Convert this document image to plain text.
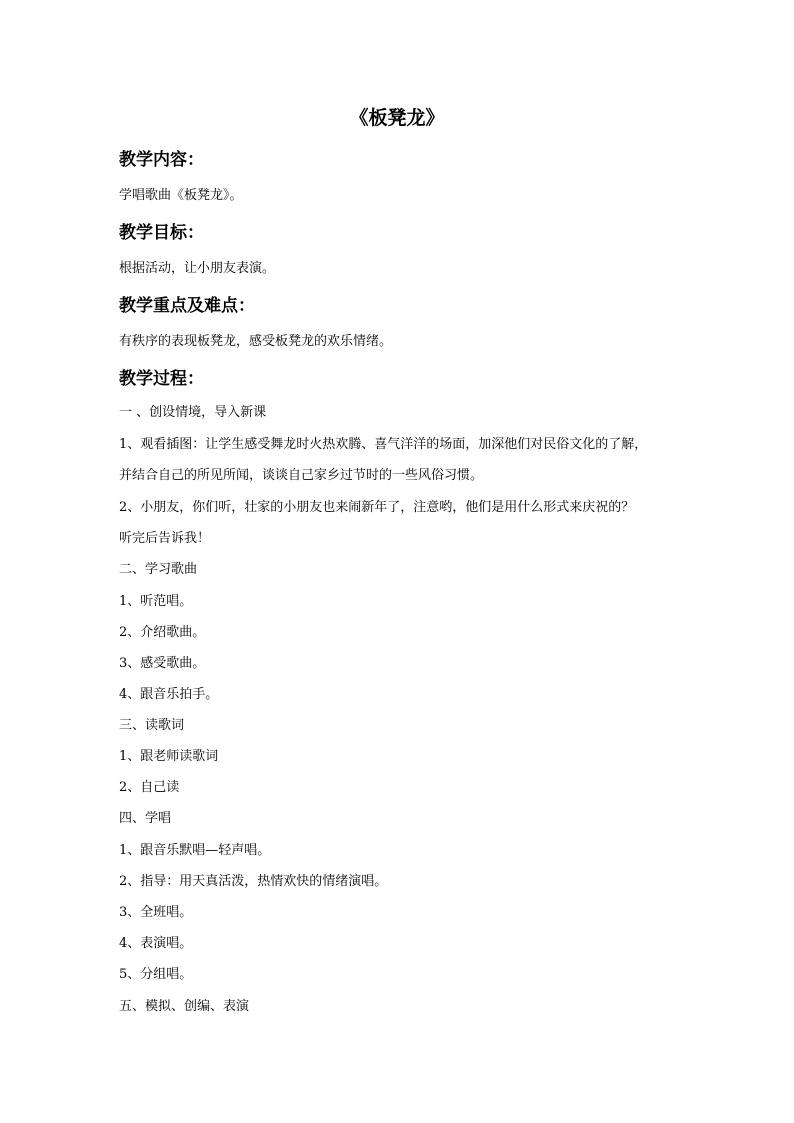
《板凳龙》
教学内容：
学唱歌曲《板凳龙》。
教学目标：
根据活动，让小朋友表演。
教学重点及难点：
有秩序的表现板凳龙，感受板凳龙的欢乐情绪。
教学过程：
一 、创设情境，导入新课
1、观看插图：让学生感受舞龙时火热欢腾、喜气洋洋的场面，加深他们对民俗文化的了解，
并结合自己的所见所闻，谈谈自己家乡过节时的一些风俗习惯。
2、小朋友，你们听，壮家的小朋友也来闹新年了，注意哟，他们是用什么形式来庆祝的？
听完后告诉我！
二、学习歌曲
1、听范唱。
2、介绍歌曲。
3、感受歌曲。
4、跟音乐拍手。
三、读歌词
1、跟老师读歌词
2、自己读
四、学唱
1、跟音乐默唱—轻声唱。
2、指导：用天真活泼，热情欢快的情绪演唱。
3、全班唱。
4、表演唱。
5、分组唱。
五、模拟、创编、表演
